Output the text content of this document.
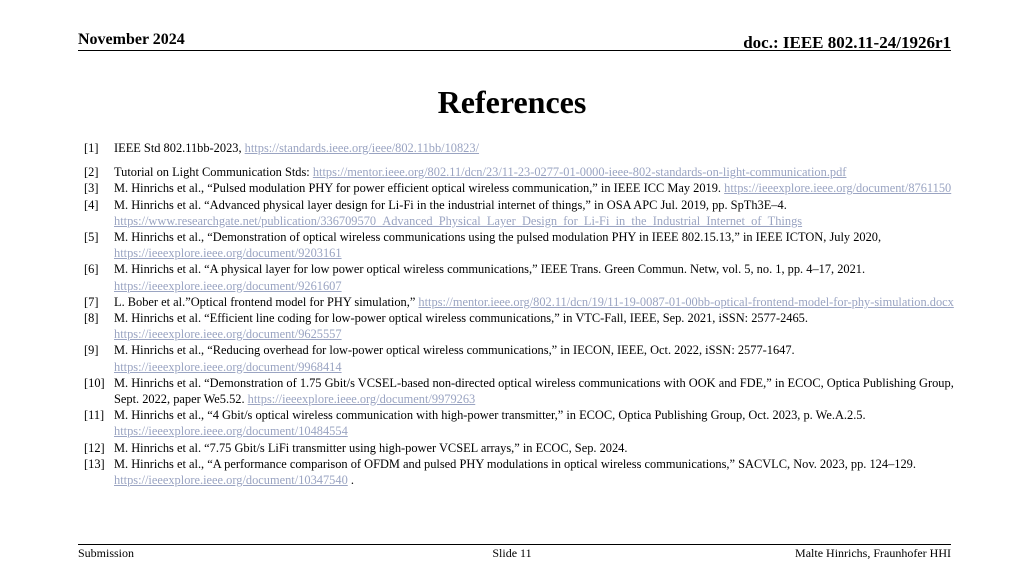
November 2024	doc.: IEEE 802.11-24/1926r1
References
[1] IEEE Std 802.11bb-2023, https://standards.ieee.org/ieee/802.11bb/10823/
[2] Tutorial on Light Communication Stds: https://mentor.ieee.org/802.11/dcn/23/11-23-0277-01-0000-ieee-802-standards-on-light-communication.pdf
[3] M. Hinrichs et al., “Pulsed modulation PHY for power efficient optical wireless communication,” in IEEE ICC May 2019. https://ieeexplore.ieee.org/document/8761150
[4] M. Hinrichs et al. “Advanced physical layer design for Li-Fi in the industrial internet of things,” in OSA APC Jul. 2019, pp. SpTh3E–4. https://www.researchgate.net/publication/336709570_Advanced_Physical_Layer_Design_for_Li-Fi_in_the_Industrial_Internet_of_Things
[5] M. Hinrichs et al., “Demonstration of optical wireless communications using the pulsed modulation PHY in IEEE 802.15.13,” in IEEE ICTON, July 2020, https://ieeexplore.ieee.org/document/9203161
[6] M. Hinrichs et al. “A physical layer for low power optical wireless communications,” IEEE Trans. Green Commun. Netw, vol. 5, no. 1, pp. 4–17, 2021. https://ieeexplore.ieee.org/document/9261607
[7] L. Bober et al.”Optical frontend model for PHY simulation,” https://mentor.ieee.org/802.11/dcn/19/11-19-0087-01-00bb-optical-frontend-model-for-phy-simulation.docx
[8] M. Hinrichs et al. “Efficient line coding for low-power optical wireless communications,” in VTC-Fall, IEEE, Sep. 2021, iSSN: 2577-2465. https://ieeexplore.ieee.org/document/9625557
[9] M. Hinrichs et al., “Reducing overhead for low-power optical wireless communications,” in IECON, IEEE, Oct. 2022, iSSN: 2577-1647. https://ieeexplore.ieee.org/document/9968414
[10] M. Hinrichs et al. “Demonstration of 1.75 Gbit/s VCSEL-based non-directed optical wireless communications with OOK and FDE,” in ECOC, Optica Publishing Group, Sept. 2022, paper We5.52. https://ieeexplore.ieee.org/document/9979263
[11] M. Hinrichs et al., “4 Gbit/s optical wireless communication with high-power transmitter,” in ECOC, Optica Publishing Group, Oct. 2023, p. We.A.2.5. https://ieeexplore.ieee.org/document/10484554
[12] M. Hinrichs et al. “7.75 Gbit/s LiFi transmitter using high-power VCSEL arrays,” in ECOC, Sep. 2024.
[13] M. Hinrichs et al., “A performance comparison of OFDM and pulsed PHY modulations in optical wireless communications,” SACVLC, Nov. 2023, pp. 124–129. https://ieeexplore.ieee.org/document/10347540 .
Submission	Slide 11	Malte Hinrichs, Fraunhofer HHI
